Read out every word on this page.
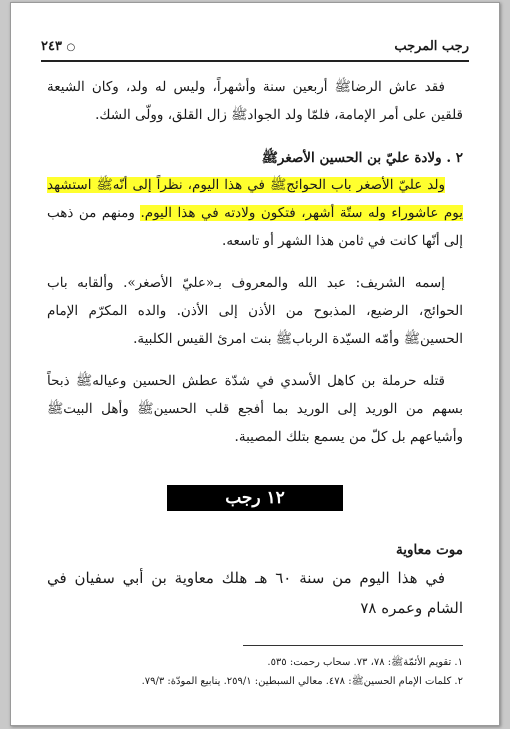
رجب المرجب
○ ٢٤٣

فقد عاش الرضاﷺ أربعين سنة وأشهراً، وليس له ولد، وكان الشيعة قلقين على أمر الإمامة، فلمّا ولد الجوادﷺ زال القلق، وولّى الشك.

٢ . ولادة عليّ بن الحسين الأصغرﷺ

ولد عليّ الأصغر باب الحوائجﷺ في هذا اليوم، نظراً إلى أنّهﷺ استشهد يوم عاشوراء وله ستّة أشهر، فتكون ولادته في هذا اليوم. ومنهم من ذهب إلى أنّها كانت في ثامن هذا الشهر أو تاسعه.

إسمه الشريف: عبد الله والمعروف بـ«عليّ الأصغر». وألقابه باب الحوائج، الرضيع، المذبوح من الأذن إلى الأذن. والده المكرّم الإمام الحسينﷺ وأمّه السيّدة الربابﷺ بنت امرئ القيس الكلبية.

قتله حرملة بن كاهل الأسدي في شدّة عطش الحسين وعيالهﷺ ذبحاً بسهم من الوريد إلى الوريد بما أفجع قلب الحسينﷺ وأهل البيتﷺ وأشياعهم بل كلّ من يسمع بتلك المصيبة.

١٢ رجب
موت معاوية

في هذا اليوم من سنة ٦٠ هـ هلك معاوية بن أبي سفيان في الشام وعمره ٧٨

١. تقويم الأئمّةﷺ: ٧٨، ٧٣. سحاب رحمت: ٥٣٥.

٢. كلمات الإمام الحسينﷺ: ٤٧٨. معالي السبطين: ٢٥٩/١. ينابيع المودّة: ٧٩/٣.
